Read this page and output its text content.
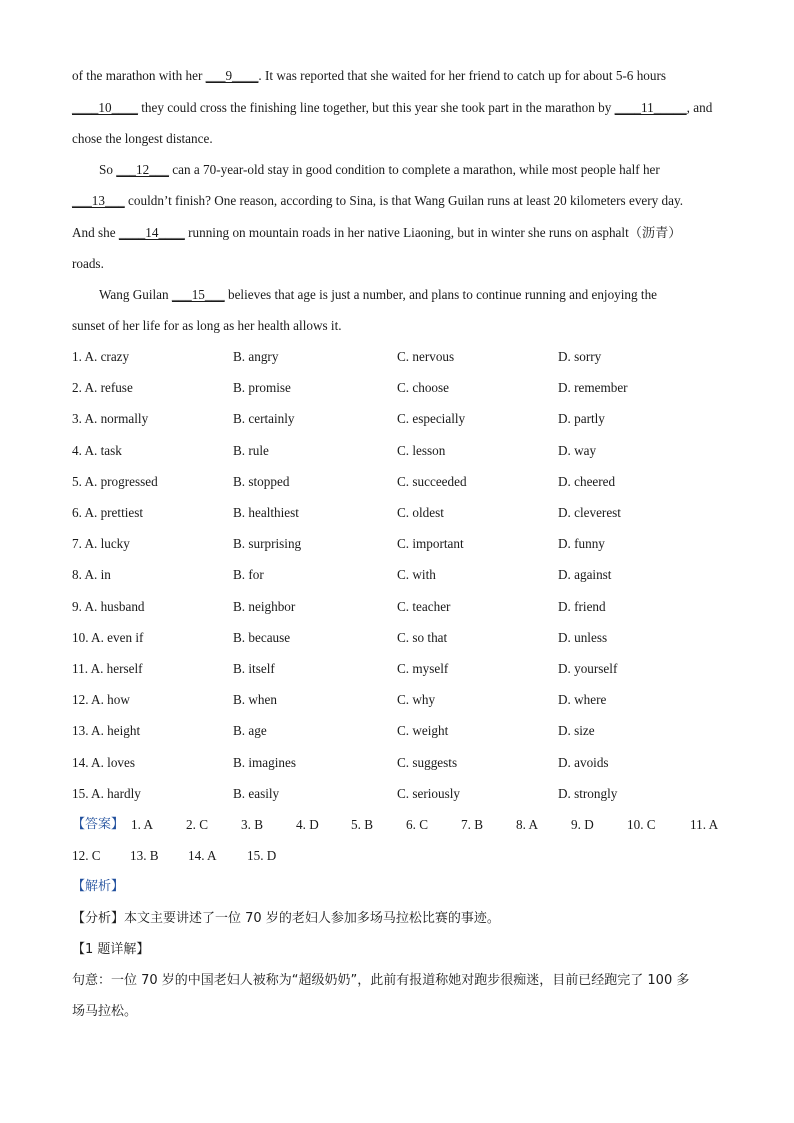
of the marathon with her ___9____. It was reported that she waited for her friend to catch up for about 5-6 hours
____10____ they could cross the finishing line together, but this year she took part in the marathon by ____11_____, and
chose the longest distance.
So ___12___ can a 70-year-old stay in good condition to complete a marathon, while most people half her
___13___ couldn’t finish? One reason, according to Sina, is that Wang Guilan runs at least 20 kilometers every day.
And she ____14____ running on mountain roads in her native Liaoning, but in winter she runs on asphalt（沥青）
roads.
Wang Guilan ___15___ believes that age is just a number, and plans to continue running and enjoying the
sunset of her life for as long as her health allows it.
1. A. crazy	B. angry	C. nervous	D. sorry
2. A. refuse	B. promise	C. choose	D. remember
3. A. normally	B. certainly	C. especially	D. partly
4. A. task	B. rule	C. lesson	D. way
5. A. progressed	B. stopped	C. succeeded	D. cheered
6. A. prettiest	B. healthiest	C. oldest	D. cleverest
7. A. lucky	B. surprising	C. important	D. funny
8. A. in	B. for	C. with	D. against
9. A. husband	B. neighbor	C. teacher	D. friend
10. A. even if	B. because	C. so that	D. unless
11. A. herself	B. itself	C. myself	D. yourself
12. A. how	B. when	C. why	D. where
13. A. height	B. age	C. weight	D. size
14. A. loves	B. imagines	C. suggests	D. avoids
15. A. hardly	B. easily	C. seriously	D. strongly
【答案】 1. A	2. C	3. B	4. D 5. B	6. C	7. B	8. A	9. D	10. C	11. A
12. C 13. B 14. A 15. D
【解析】
【分析】本文主要讲述了一位 70 岁的老妇人参加多场马拉松比赛的事迹。
【1 题详解】
句意：一位 70 岁的中国老妇人被称为“超级奶奶”，此前有报道称她对跑步很痴迷，目前已经跑完了 100 多
场马拉松。
